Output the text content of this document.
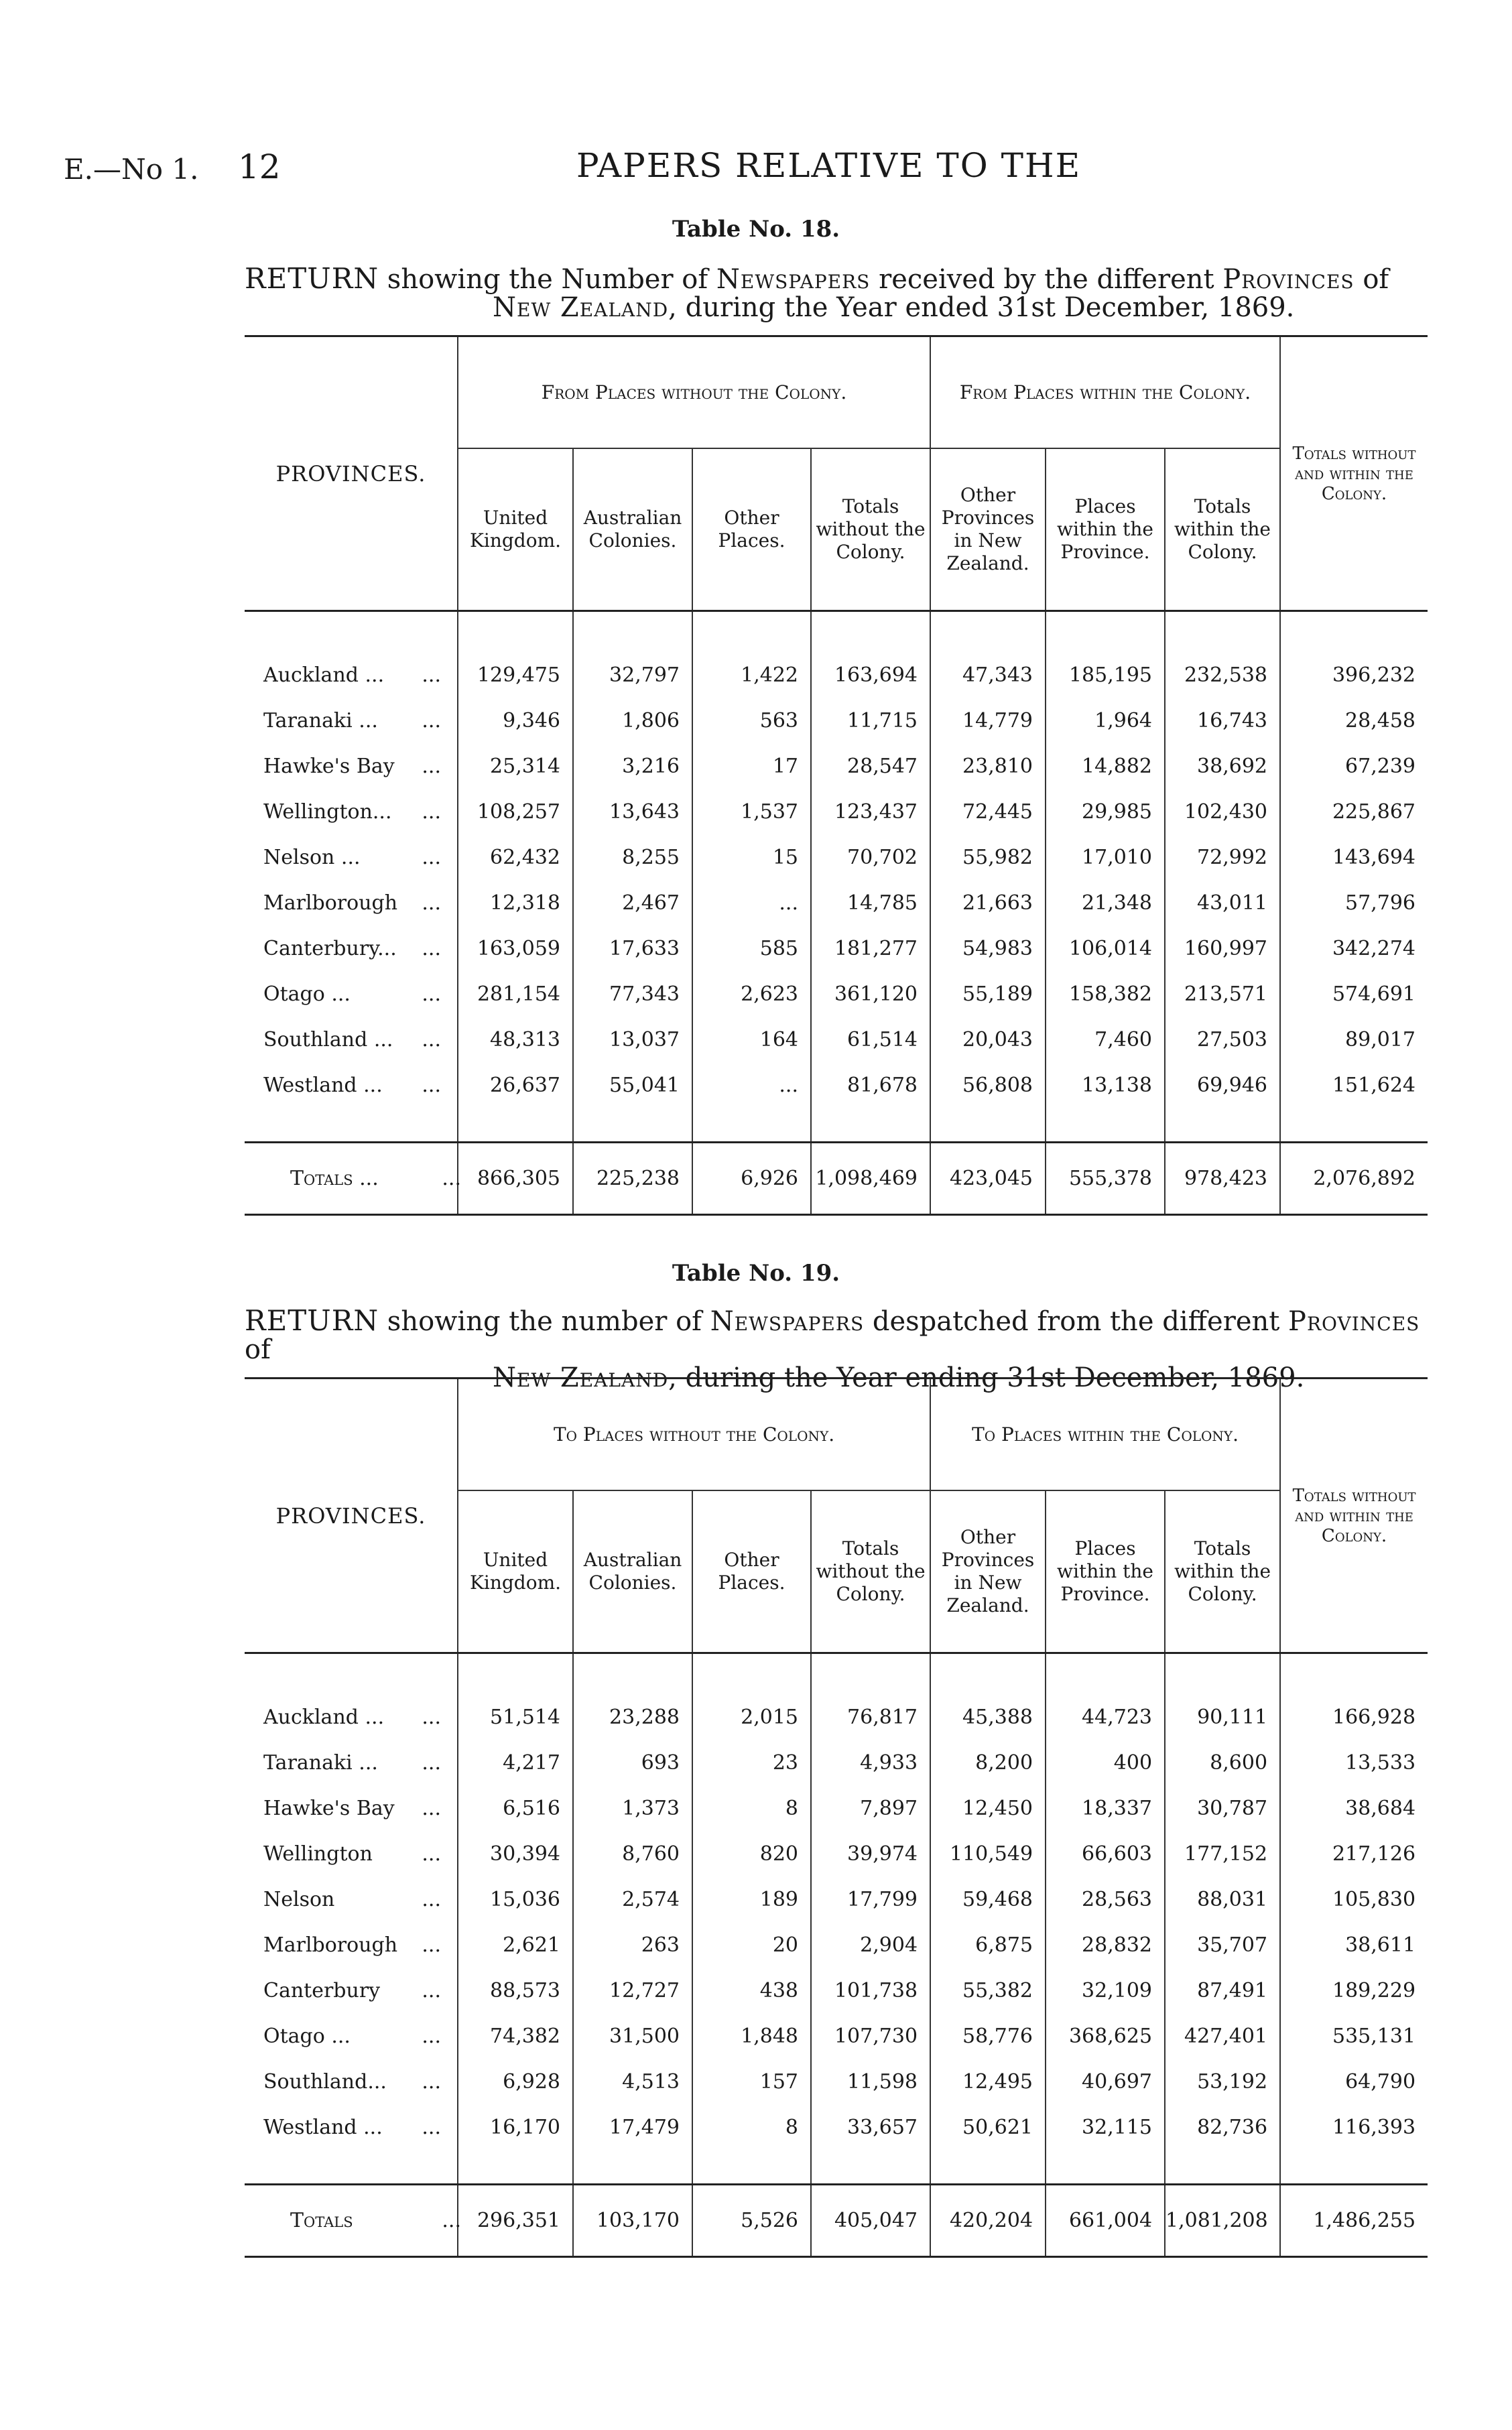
E.—No 1. 12	PAPERS RELATIVE TO THE
Table No. 18.
RETURN showing the Number of Newspapers received by the different Provinces of
New Zealand, during the Year ended 31st December, 1869.
PROVINCES.	From Places without the Colony.				From Places within the Colony.			Totals without and within the Colony.
	United Kingdom.	Australian Colonies.	Other Places.	Totals without the Colony.	Other Provinces in New Zealand.	Places within the Province.	Totals within the Colony.	

Auckland ... ...	129,475	32,797	1,422	163,694	47,343	185,195	232,538	396,232
Taranaki ... ...	9,346	1,806	563	11,715	14,779	1,964	16,743	28,458
Hawke's Bay ...	25,314	3,216	17	28,547	23,810	14,882	38,692	67,239
Wellington... ...	108,257	13,643	1,537	123,437	72,445	29,985	102,430	225,867
Nelson ... ...	62,432	8,255	15	70,702	55,982	17,010	72,992	143,694
Marlborough ...	12,318	2,467	...	14,785	21,663	21,348	43,011	57,796
Canterbury... ...	163,059	17,633	585	181,277	54,983	106,014	160,997	342,274
Otago ... ...	281,154	77,343	2,623	361,120	55,189	158,382	213,571	574,691
Southland ... ...	48,313	13,037	164	61,514	20,043	7,460	27,503	89,017
Westland ... ...	26,637	55,041	...	81,678	56,808	13,138	69,946	151,624

Totals ... ...	866,305	225,238	6,926	1,098,469	423,045	555,378	978,423	2,076,892
Table No. 19.
RETURN showing the number of Newspapers despatched from the different Provinces of
New Zealand, during the Year ending 31st December, 1869.
PROVINCES.	To Places without the Colony.				To Places within the Colony.			Totals without and within the Colony.
	United Kingdom.	Australian Colonies.	Other Places.	Totals without the Colony.	Other Provinces in New Zealand.	Places within the Province.	Totals within the Colony.	

Auckland ... ...	51,514	23,288	2,015	76,817	45,388	44,723	90,111	166,928
Taranaki ... ...	4,217	693	23	4,933	8,200	400	8,600	13,533
Hawke's Bay ...	6,516	1,373	8	7,897	12,450	18,337	30,787	38,684
Wellington ...	30,394	8,760	820	39,974	110,549	66,603	177,152	217,126
Nelson ...	15,036	2,574	189	17,799	59,468	28,563	88,031	105,830
Marlborough ...	2,621	263	20	2,904	6,875	28,832	35,707	38,611
Canterbury ...	88,573	12,727	438	101,738	55,382	32,109	87,491	189,229
Otago ... ...	74,382	31,500	1,848	107,730	58,776	368,625	427,401	535,131
Southland... ...	6,928	4,513	157	11,598	12,495	40,697	53,192	64,790
Westland ... ...	16,170	17,479	8	33,657	50,621	32,115	82,736	116,393

Totals ...	296,351	103,170	5,526	405,047	420,204	661,004	1,081,208	1,486,255
